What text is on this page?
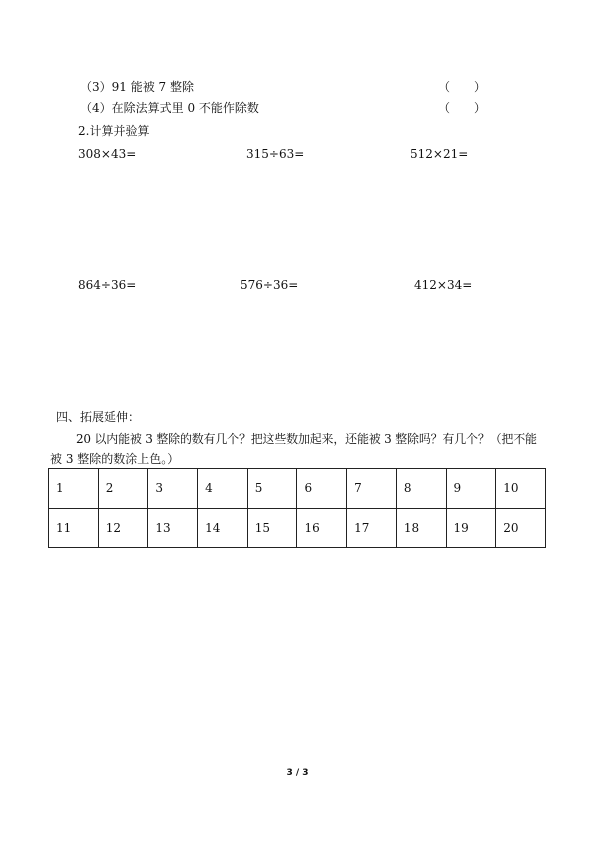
（3）91 能被 7 整除	（　　）
（4）在除法算式里 0 不能作除数	（　　）
2.计算并验算
308×43=	315÷63=	512×21=
864÷36=	576÷36=	412×34=
四、拓展延伸：
20 以内能被 3 整除的数有几个？把这些数加起来，还能被 3 整除吗？有几个？（把不能
被 3 整除的数涂上色。）
1	2	3	4	5	6	7	8	9	10
11	12	13	14	15	16	17	18	19	20
3 / 3
